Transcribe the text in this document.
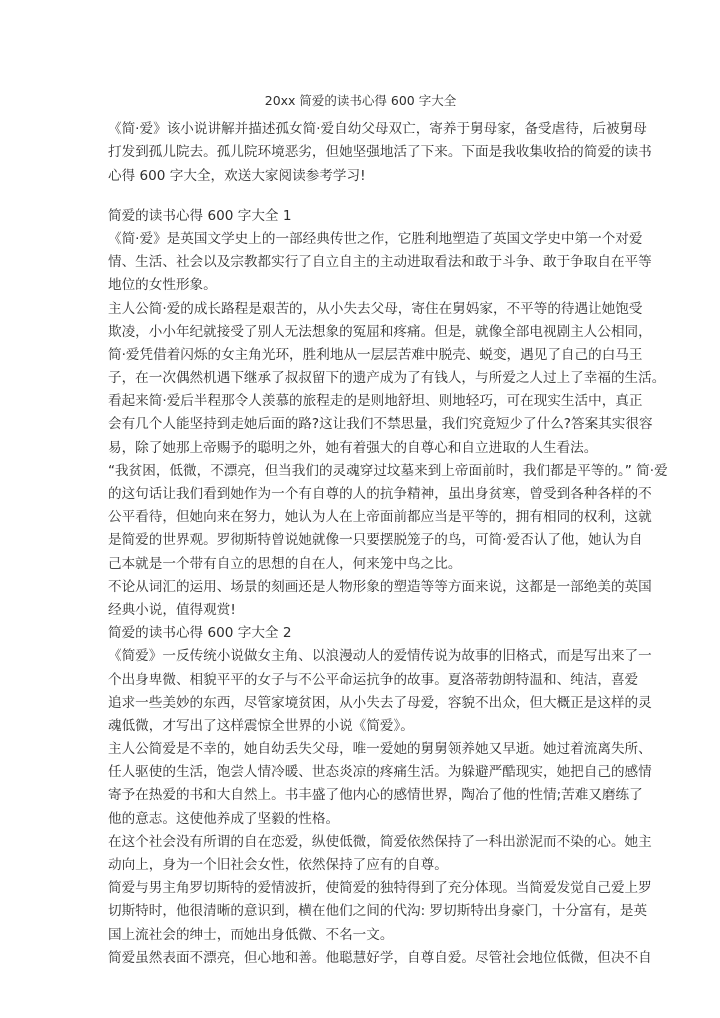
20xx 简爱的读书心得 600 字大全
《简·爱》该小说讲解并描述孤女简·爱自幼父母双亡，寄养于舅母家，备受虐待，后被舅母
打发到孤儿院去。孤儿院环境恶劣，但她坚强地活了下来。下面是我收集收拾的简爱的读书
心得 600 字大全，欢送大家阅读参考学习!
简爱的读书心得 600 字大全 1
《简·爱》是英国文学史上的一部经典传世之作，它胜利地塑造了英国文学史中第一个对爱
情、生活、社会以及宗教都实行了自立自主的主动进取看法和敢于斗争、敢于争取自在平等
地位的女性形象。
主人公简·爱的成长路程是艰苦的，从小失去父母，寄住在舅妈家，不平等的待遇让她饱受
欺凌，小小年纪就接受了别人无法想象的冤屈和疼痛。但是，就像全部电视剧主人公相同，
简·爱凭借着闪烁的女主角光环，胜利地从一层层苦难中脱壳、蜕变，遇见了自己的白马王
子，在一次偶然机遇下继承了叔叔留下的遗产成为了有钱人，与所爱之人过上了幸福的生活。
看起来简·爱后半程那令人羡慕的旅程走的是则地舒坦、则地轻巧，可在现实生活中，真正
会有几个人能坚持到走她后面的路?这让我们不禁思量，我们究竟短少了什么?答案其实很容
易，除了她那上帝赐予的聪明之外，她有着强大的自尊心和自立进取的人生看法。
“我贫困，低微，不漂亮，但当我们的灵魂穿过坟墓来到上帝面前时，我们都是平等的。” 简·爱
的这句话让我们看到她作为一个有自尊的人的抗争精神，虽出身贫寒，曾受到各种各样的不
公平看待，但她向来在努力，她认为人在上帝面前都应当是平等的，拥有相同的权利，这就
是简爱的世界观。罗彻斯特曾说她就像一只要摆脱笼子的鸟，可简·爱否认了他，她认为自
己本就是一个带有自立的思想的自在人，何来笼中鸟之比。
不论从词汇的运用、场景的刻画还是人物形象的塑造等等方面来说，这都是一部绝美的英国
经典小说，值得观赏!
简爱的读书心得 600 字大全 2
《简爱》一反传统小说做女主角、以浪漫动人的爱情传说为故事的旧格式，而是写出来了一
个出身卑微、相貌平平的女子与不公平命运抗争的故事。夏洛蒂勃朗特温和、纯洁，喜爱
追求一些美妙的东西，尽管家境贫困，从小失去了母爱，容貌不出众，但大概正是这样的灵
魂低微，才写出了这样震惊全世界的小说《简爱》。
主人公简爱是不幸的，她自幼丢失父母，唯一爱她的舅舅领养她又早逝。她过着流离失所、
任人驱使的生活，饱尝人情冷暖、世态炎凉的疼痛生活。为躲避严酷现实，她把自己的感情
寄予在热爱的书和大自然上。书丰盛了他内心的感情世界，陶冶了他的性情;苦难又磨练了
他的意志。这使他养成了坚毅的性格。
在这个社会没有所谓的自在恋爱，纵使低微，简爱依然保持了一科出淤泥而不染的心。她主
动向上，身为一个旧社会女性，依然保持了应有的自尊。
简爱与男主角罗切斯特的爱情波折，使简爱的独特得到了充分体现。当简爱发觉自己爱上罗
切斯特时，他很清晰的意识到，横在他们之间的代沟: 罗切斯特出身豪门，十分富有，是英
国上流社会的绅士，而她出身低微、不名一文。
简爱虽然表面不漂亮，但心地和善。他聪慧好学，自尊自爱。尽管社会地位低微，但决不自
